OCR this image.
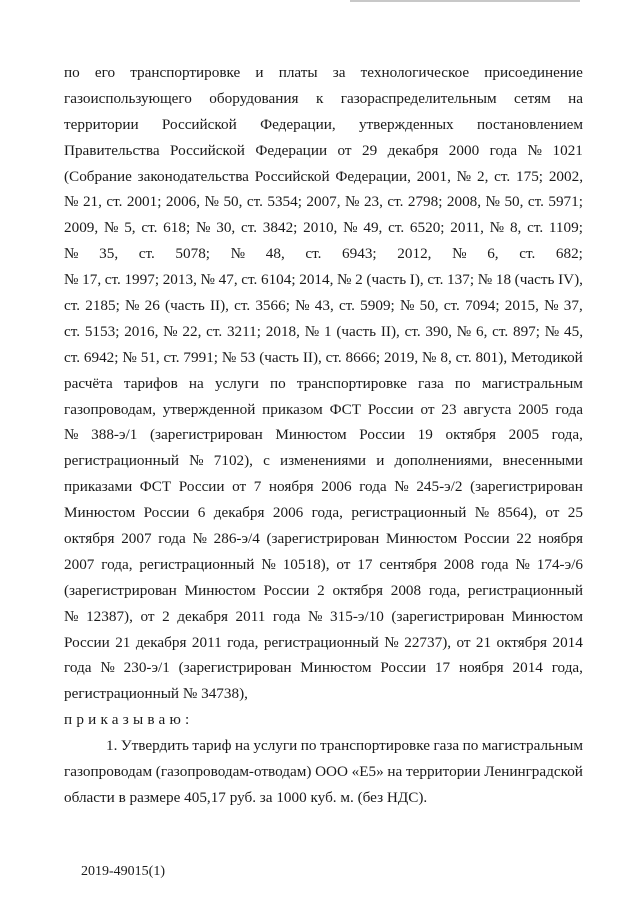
по его транспортировке и платы за технологическое присоединение
газоиспользующего оборудования к газораспределительным сетям на
территории Российской Федерации, утвержденных постановлением
Правительства Российской Федерации от 29 декабря 2000 года № 1021
(Собрание законодательства Российской Федерации, 2001, № 2, ст. 175; 2002,
№ 21, ст. 2001; 2006, № 50, ст. 5354; 2007, № 23, ст. 2798; 2008, № 50, ст. 5971;
2009, № 5, ст. 618; № 30, ст. 3842; 2010, № 49, ст. 6520; 2011, № 8, ст. 1109;
№ 35, ст. 5078; № 48, ст. 6943; 2012, № 6, ст. 682;
№ 17, ст. 1997; 2013, № 47, ст. 6104; 2014, № 2 (часть I), ст. 137; № 18 (часть IV),
ст. 2185; № 26 (часть II), ст. 3566; № 43, ст. 5909; № 50, ст. 7094; 2015, № 37,
ст. 5153; 2016, № 22, ст. 3211; 2018, № 1 (часть II), ст. 390, № 6, ст. 897; № 45,
ст. 6942; № 51, ст. 7991; № 53 (часть II), ст. 8666; 2019, № 8, ст. 801), Методикой
расчёта тарифов на услуги по транспортировке газа по магистральным
газопроводам, утвержденной приказом ФСТ России от 23 августа 2005 года
№ 388-э/1 (зарегистрирован Минюстом России 19 октября 2005 года,
регистрационный № 7102), с изменениями и дополнениями, внесенными
приказами ФСТ России от 7 ноября 2006 года № 245-э/2 (зарегистрирован
Минюстом России 6 декабря 2006 года, регистрационный № 8564), от 25
октября 2007 года № 286-э/4 (зарегистрирован Минюстом России 22 ноября
2007 года, регистрационный № 10518), от 17 сентября 2008 года № 174-э/6
(зарегистрирован Минюстом России 2 октября 2008 года, регистрационный
№ 12387), от 2 декабря 2011 года № 315-э/10 (зарегистрирован Минюстом
России 21 декабря 2011 года, регистрационный № 22737), от 21 октября 2014
года № 230-э/1 (зарегистрирован Минюстом России 17 ноября 2014 года,
регистрационный № 34738),
приказываю:
1. Утвердить тариф на услуги по транспортировке газа по магистральным
газопроводам (газопроводам-отводам) ООО «Е5» на территории Ленинградской
области в размере 405,17 руб. за 1000 куб. м. (без НДС).
2019-49015(1)
